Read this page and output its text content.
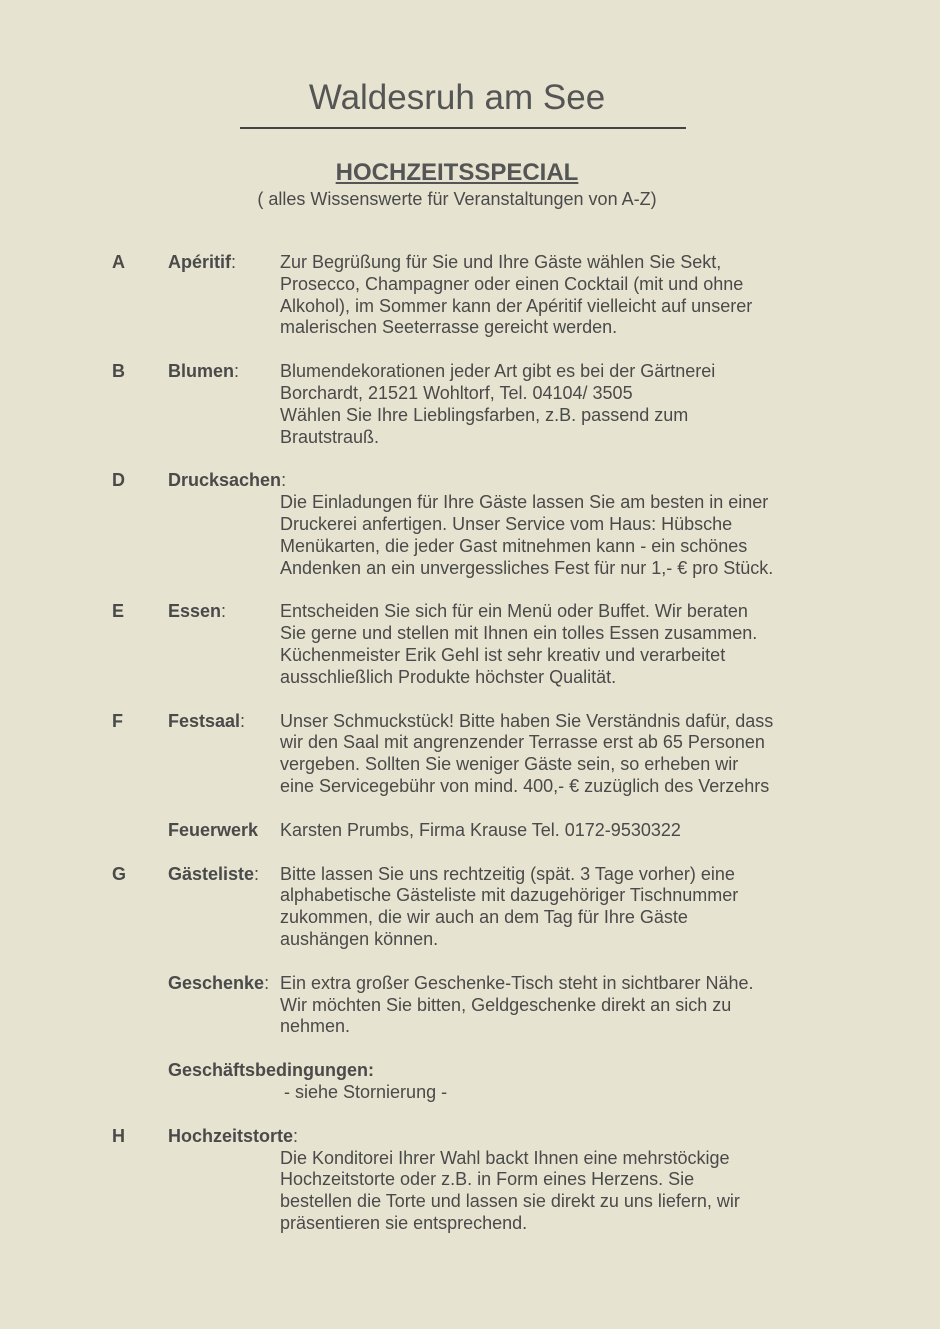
Waldesruh am See
HOCHZEITSSPECIAL
( alles Wissenswerte für Veranstaltungen von A-Z)
A Apéritif: Zur Begrüßung für Sie und Ihre Gäste wählen Sie Sekt,
Prosecco, Champagner oder einen Cocktail (mit und ohne
Alkohol), im Sommer kann der Apéritif vielleicht auf unserer
malerischen Seeterrasse gereicht werden.
B Blumen: Blumendekorationen jeder Art gibt es bei der Gärtnerei
Borchardt, 21521 Wohltorf, Tel. 04104/ 3505
Wählen Sie Ihre Lieblingsfarben, z.B. passend zum
Brautstrauß.
D Drucksachen:
Die Einladungen für Ihre Gäste lassen Sie am besten in einer
Druckerei anfertigen. Unser Service vom Haus: Hübsche
Menükarten, die jeder Gast mitnehmen kann - ein schönes
Andenken an ein unvergessliches Fest für nur 1,- € pro Stück.
E Essen:	Entscheiden Sie sich für ein Menü oder Buffet. Wir beraten
Sie gerne und stellen mit Ihnen ein tolles Essen zusammen.
Küchenmeister Erik Gehl ist sehr kreativ und verarbeitet
ausschließlich Produkte höchster Qualität.
F	Festsaal: Unser Schmuckstück! Bitte haben Sie Verständnis dafür, dass
wir den Saal mit angrenzender Terrasse erst ab 65 Personen
vergeben. Sollten Sie weniger Gäste sein, so erheben wir
eine Servicegebühr von mind. 400,- € zuzüglich des Verzehrs
Feuerwerk Karsten Prumbs, Firma Krause Tel. 0172-9530322
G Gästeliste: Bitte lassen Sie uns rechtzeitig (spät. 3 Tage vorher) eine
alphabetische Gästeliste mit dazugehöriger Tischnummer
zukommen, die wir auch an dem Tag für Ihre Gäste
aushängen können.
Geschenke: Ein extra großer Geschenke-Tisch steht in sichtbarer Nähe.
Wir möchten Sie bitten, Geldgeschenke direkt an sich zu
nehmen.
Geschäftsbedingungen:
- siehe Stornierung -
H Hochzeitstorte:
Die Konditorei Ihrer Wahl backt Ihnen eine mehrstöckige
Hochzeitstorte oder z.B. in Form eines Herzens. Sie
bestellen die Torte und lassen sie direkt zu uns liefern, wir
präsentieren sie entsprechend.
